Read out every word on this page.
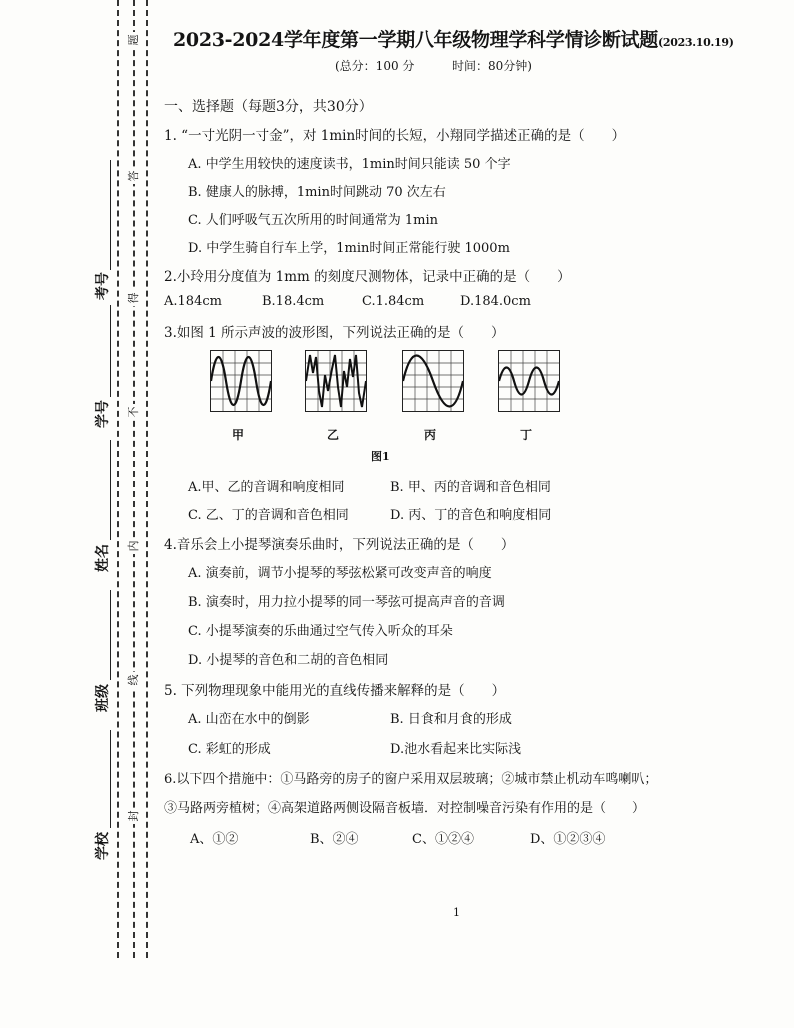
题
答
得
不
内
线
封
考号
学号
姓名
班级
学校
2023-2024学年度第一学期八年级物理学科学情诊断试题(2023.10.19)
(总分：100 分	时间：80分钟)
一、选择题（每题3分，共30分）
1. “一寸光阴一寸金”，对 1min时间的长短，小翔同学描述正确的是（　　）
A. 中学生用较快的速度读书，1min时间只能读 50 个字
B. 健康人的脉搏，1min时间跳动 70 次左右
C. 人们呼吸气五次所用的时间通常为 1min
D. 中学生骑自行车上学，1min时间正常能行驶 1000m
2.小玲用分度值为 1mm 的刻度尺测物体，记录中正确的是（　　）
A.184cm	B.18.4cm	C.1.84cm	D.184.0cm
3.如图 1 所示声波的波形图，下列说法正确的是（　　）
甲	乙	丙	丁
图1
A.甲、乙的音调和响度相同	B. 甲、丙的音调和音色相同
C. 乙、丁的音调和音色相同	D. 丙、丁的音色和响度相同
4.音乐会上小提琴演奏乐曲时，下列说法正确的是（　　）
A. 演奏前，调节小提琴的琴弦松紧可改变声音的响度
B. 演奏时，用力拉小提琴的同一琴弦可提高声音的音调
C. 小提琴演奏的乐曲通过空气传入听众的耳朵
D. 小提琴的音色和二胡的音色相同
5. 下列物理现象中能用光的直线传播来解释的是（　　）
A. 山峦在水中的倒影	B. 日食和月食的形成
C. 彩虹的形成	D.池水看起来比实际浅
6.以下四个措施中：①马路旁的房子的窗户采用双层玻璃；②城市禁止机动车鸣喇叭；
③马路两旁植树；④高架道路两侧设隔音板墙．对控制噪音污染有作用的是（　　）
A、①②	B、②④	C、①②④	D、①②③④
1
